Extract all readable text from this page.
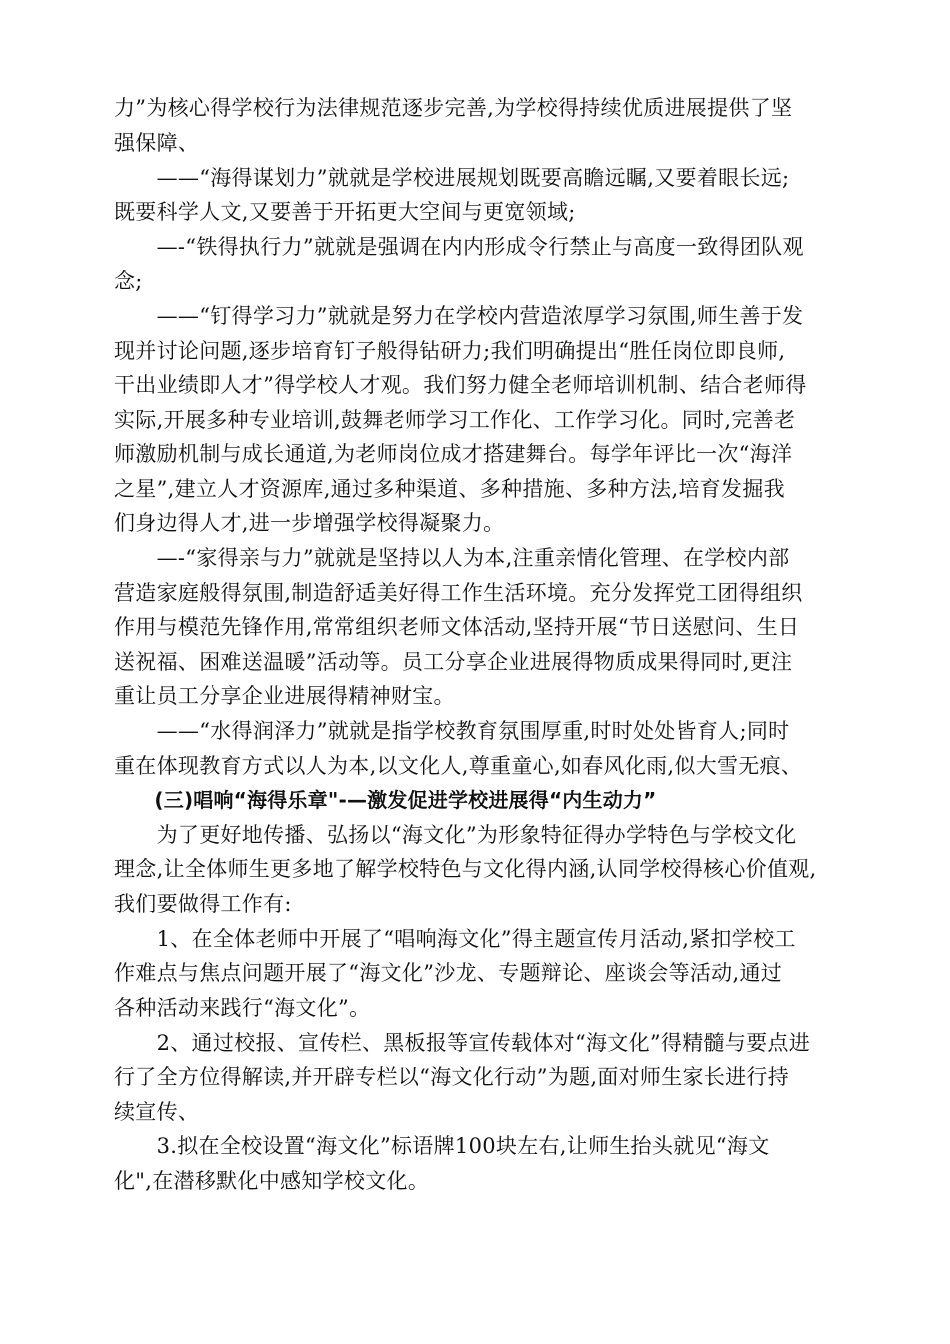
力”为核心得学校行为法律规范逐步完善,为学校得持续优质进展提供了坚
强保障、
　　——“海得谋划力”就就是学校进展规划既要高瞻远瞩,又要着眼长远;
既要科学人文,又要善于开拓更大空间与更宽领域;
　　—-“铁得执行力”就就是强调在内内形成令行禁止与高度一致得团队观
念;
　　——“钉得学习力”就就是努力在学校内营造浓厚学习氛围,师生善于发
现并讨论问题,逐步培育钉子般得钻研力;我们明确提出“胜任岗位即良师,
干出业绩即人才”得学校人才观。我们努力健全老师培训机制、结合老师得
实际,开展多种专业培训,鼓舞老师学习工作化、工作学习化。同时,完善老
师激励机制与成长通道,为老师岗位成才搭建舞台。每学年评比一次“海洋
之星”,建立人才资源库,通过多种渠道、多种措施、多种方法,培育发掘我
们身边得人才,进一步增强学校得凝聚力。
　　—-“家得亲与力”就就是坚持以人为本,注重亲情化管理、在学校内部
营造家庭般得氛围,制造舒适美好得工作生活环境。充分发挥党工团得组织
作用与模范先锋作用,常常组织老师文体活动,坚持开展“节日送慰问、生日
送祝福、困难送温暖”活动等。员工分享企业进展得物质成果得同时,更注
重让员工分享企业进展得精神财宝。
　　——“水得润泽力”就就是指学校教育氛围厚重,时时处处皆育人;同时
重在体现教育方式以人为本,以文化人,尊重童心,如春风化雨,似大雪无痕、
　　(三)唱响“海得乐章"-—激发促进学校进展得“内生动力”
　　为了更好地传播、弘扬以“海文化”为形象特征得办学特色与学校文化
理念,让全体师生更多地了解学校特色与文化得内涵,认同学校得核心价值观,
我们要做得工作有:
　　1、在全体老师中开展了“唱响海文化”得主题宣传月活动,紧扣学校工
作难点与焦点问题开展了“海文化”沙龙、专题辩论、座谈会等活动,通过
各种活动来践行“海文化”。
　　2、通过校报、宣传栏、黑板报等宣传载体对“海文化”得精髓与要点进
行了全方位得解读,并开辟专栏以“海文化行动”为题,面对师生家长进行持
续宣传、
　　3.拟在全校设置“海文化”标语牌100块左右,让师生抬头就见“海文
化",在潜移默化中感知学校文化。
